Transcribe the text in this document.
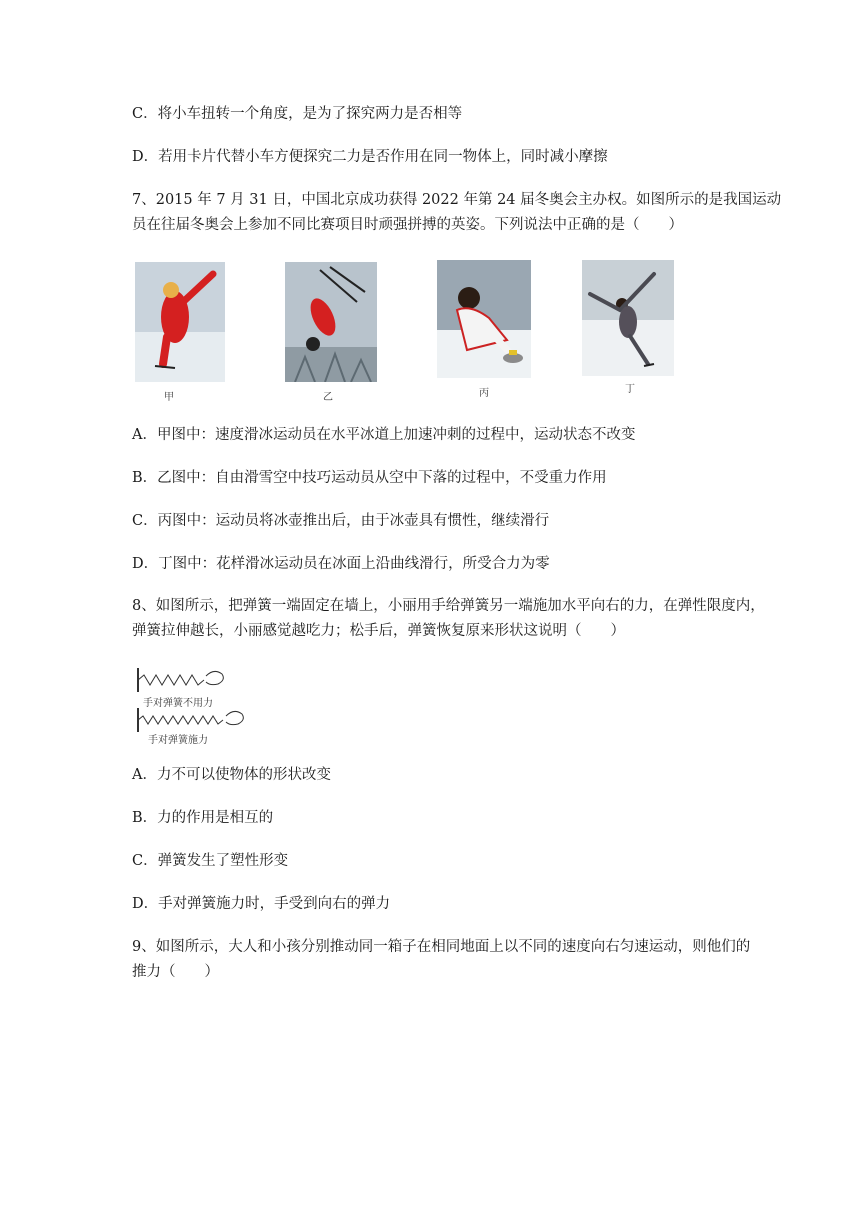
C．将小车扭转一个角度，是为了探究两力是否相等
D．若用卡片代替小车方便探究二力是否作用在同一物体上，同时减小摩擦
7、2015 年 7 月 31 日，中国北京成功获得 2022 年第 24 届冬奥会主办权。如图所示的是我国运动
员在往届冬奥会上参加不同比赛项目时顽强拼搏的英姿。下列说法中正确的是（　　）
甲	乙	丙	丁
A．甲图中：速度滑冰运动员在水平冰道上加速冲刺的过程中，运动状态不改变
B．乙图中：自由滑雪空中技巧运动员从空中下落的过程中，不受重力作用
C．丙图中：运动员将冰壶推出后，由于冰壶具有惯性，继续滑行
D．丁图中：花样滑冰运动员在冰面上沿曲线滑行，所受合力为零
8、如图所示，把弹簧一端固定在墙上，小丽用手给弹簧另一端施加水平向右的力，在弹性限度内，
弹簧拉伸越长，小丽感觉越吃力；松手后，弹簧恢复原来形状这说明（　　）
手对弹簧不用力
手对弹簧施力
A．力不可以使物体的形状改变
B．力的作用是相互的
C．弹簧发生了塑性形变
D．手对弹簧施力时，手受到向右的弹力
9、如图所示，大人和小孩分别推动同一箱子在相同地面上以不同的速度向右匀速运动，则他们的
推力（　　）
